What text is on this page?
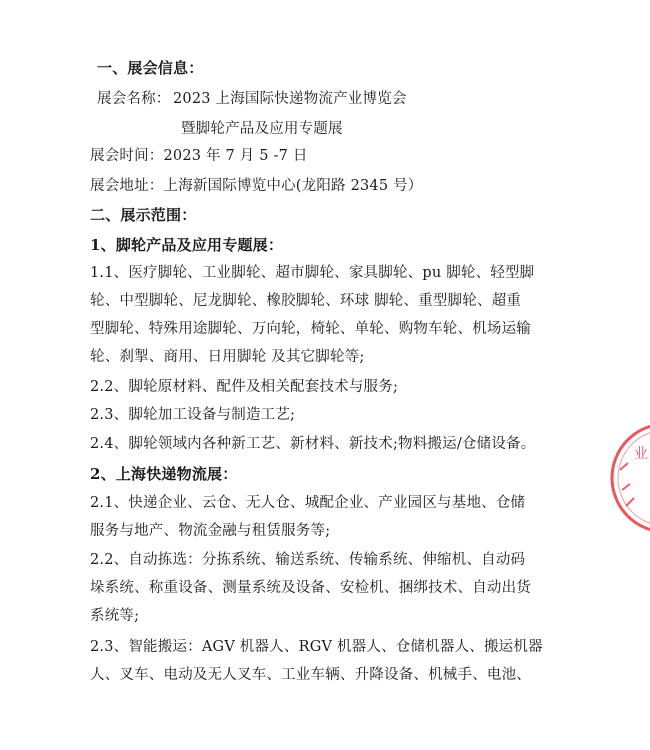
一、展会信息：
展会名称： 2023 上海国际快递物流产业博览会
暨脚轮产品及应用专题展
展会时间：2023 年 7 月 5 -7 日
展会地址：上海新国际博览中心(龙阳路 2345 号）
二、展示范围：
1、脚轮产品及应用专题展：
1.1、医疗脚轮、工业脚轮、超市脚轮、家具脚轮、pu 脚轮、轻型脚
轮、中型脚轮、尼龙脚轮、橡胶脚轮、环球 脚轮、重型脚轮、超重
型脚轮、特殊用途脚轮、万向轮，椅轮、单轮、购物车轮、机场运输
轮、刹掣、商用、日用脚轮 及其它脚轮等;
2.2、脚轮原材料、配件及相关配套技术与服务;
2.3、脚轮加工设备与制造工艺;
2.4、脚轮领域内各种新工艺、新材料、新技术;物料搬运/仓储设备。
2、上海快递物流展：
2.1、快递企业、云仓、无人仓、城配企业、产业园区与基地、仓储
服务与地产、物流金融与租赁服务等;
2.2、自动拣选：分拣系统、输送系统、传输系统、伸缩机、自动码
垛系统、称重设备、测量系统及设备、安检机、捆绑技术、自动出货
系统等;
2.3、智能搬运：AGV 机器人、RGV 机器人、仓储机器人、搬运机器
人、叉车、电动及无人叉车、工业车辆、升降设备、机械手、电池、
业
